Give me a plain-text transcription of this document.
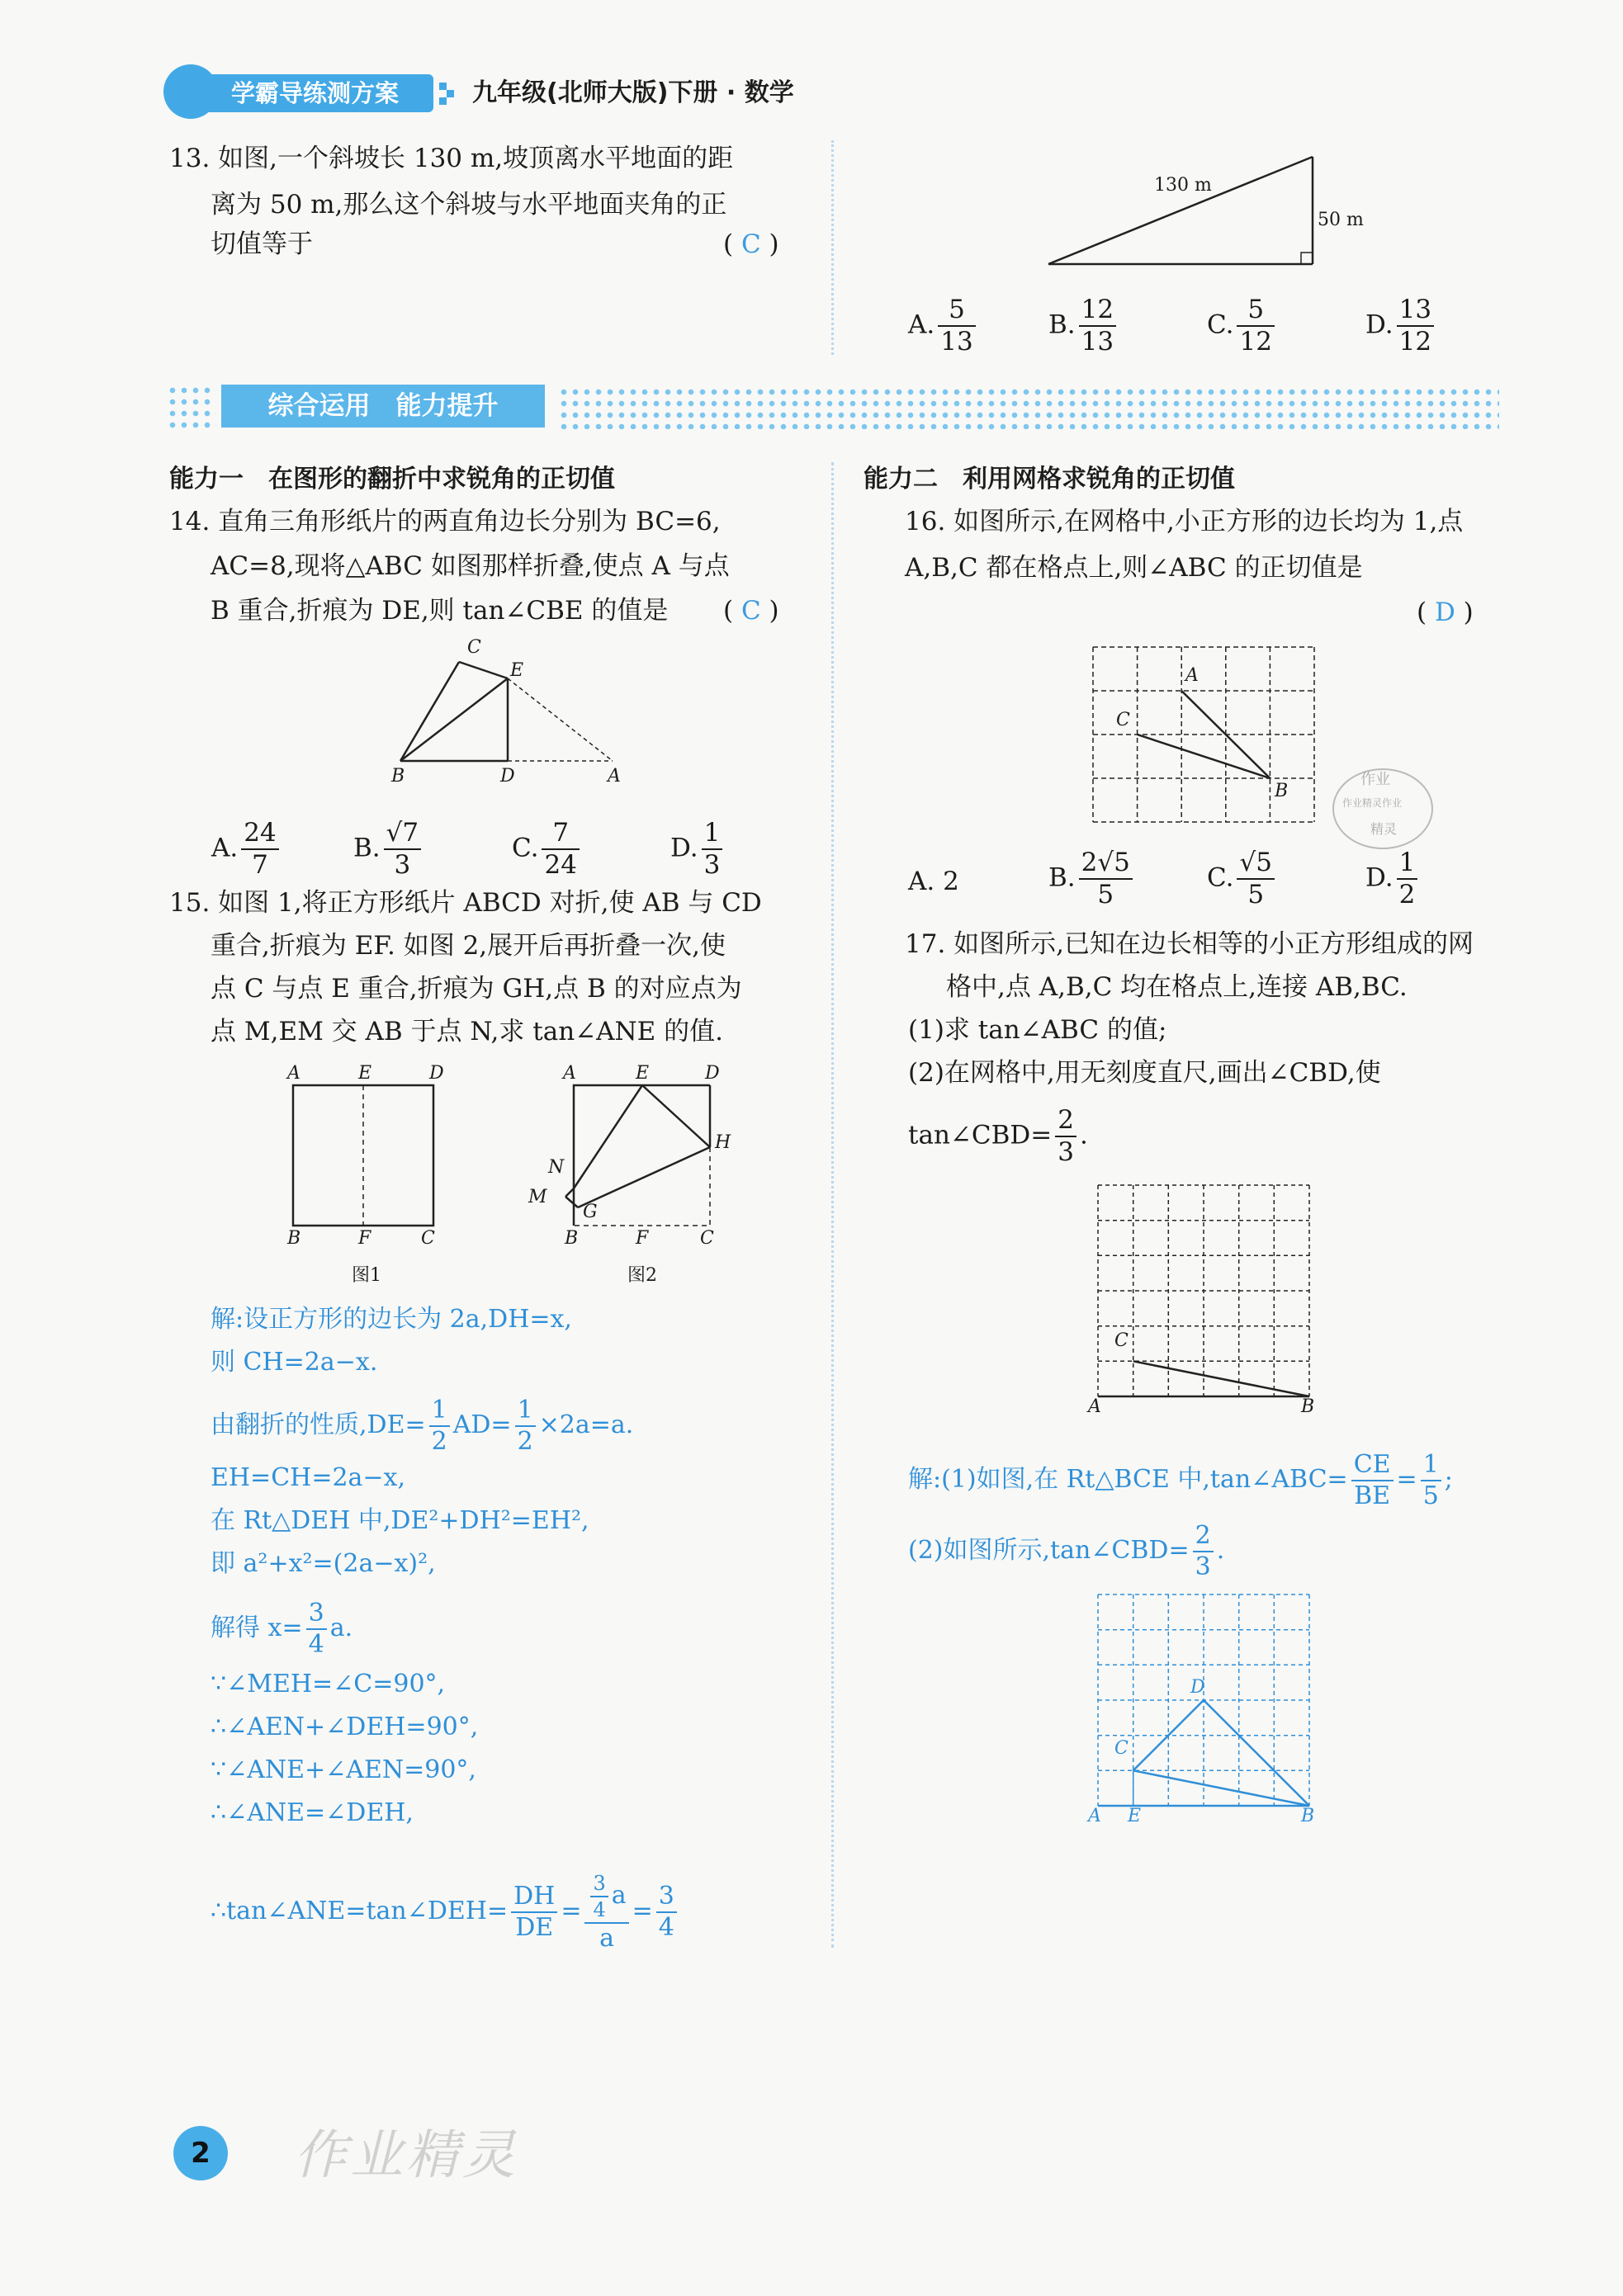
学霸导练测方案	九年级(北师大版)下册 · 数学
13. 如图,一个斜坡长 130 m,坡顶离水平地面的距
离为 50 m,那么这个斜坡与水平地面夹角的正
切值等于	( C )
130 m
50 m
A. $\frac{5}{13}$	B. $\frac{12}{13}$	C. $\frac{5}{12}$	D. $\frac{13}{12}$
综合运用　能力提升
能力一　在图形的翻折中求锐角的正切值
14. 直角三角形纸片的两直角边长分别为 BC=6,
AC=8,现将△ABC 如图那样折叠,使点 A 与点
B 重合,折痕为 DE,则 tan∠CBE 的值是 ( C )
C
E
B	D	A
A. $\frac{24}{7}$	B. $\frac{√7}{3}$	C. $\frac{7}{24}$	D. $\frac{1}{3}$
15. 如图 1,将正方形纸片 ABCD 对折,使 AB 与 CD
重合,折痕为 EF. 如图 2,展开后再折叠一次,使
点 C 与点 E 重合,折痕为 GH,点 B 的对应点为
点 M,EM 交 AB 于点 N,求 tan∠ANE 的值.
A	E	D
B	F	C
图1
A	E	D
H
N
M
G
B	F	C
图2
解:设正方形的边长为 2a,DH=x,
则 CH=2a−x.
由翻折的性质$,DE= \frac{1}{2} AD= \frac{1}{2} \times 2a=a$.
EH=CH=2a−x,
在 Rt△DEH 中,DE²+DH²=EH²,
即 a²+x²=(2a−x)²,
解得 $x= \frac{3}{4} a$.
∵∠MEH=∠C=90°,
∴∠AEN+∠DEH=90°,
∵∠ANE+∠AEN=90°,
∴∠ANE=∠DEH,
∴tan∠ANE=tan∠DEH= $\frac{DH}{DE} = \frac{\frac{3}{4} a}{a} = \frac{3}{4}$
能力二　利用网格求锐角的正切值
16. 如图所示,在网格中,小正方形的边长均为 1,点
A,B,C 都在格点上,则∠ABC 的正切值是
( D )
A
C
B
作业
作业精灵作业
精灵
A. 2	B. $\frac{2√5}{5}$	C. $\frac{√5}{5}$	D. $\frac{1}{2}$
17. 如图所示,已知在边长相等的小正方形组成的网
格中,点 A,B,C 均在格点上,连接 AB,BC.
(1)求 tan∠ABC 的值;
(2)在网格中,用无刻度直尺,画出∠CBD,使
tan∠CBD= $\frac{2}{3}$ .
C
A	B
解:(1)如图,在 Rt△BCE 中,tan∠ABC= $\frac{CE}{BE} = \frac{1}{5}$ ;
(2)如图所示,tan∠CBD= $\frac{2}{3}$ .
D
C
A E	B
2	作业精灵
